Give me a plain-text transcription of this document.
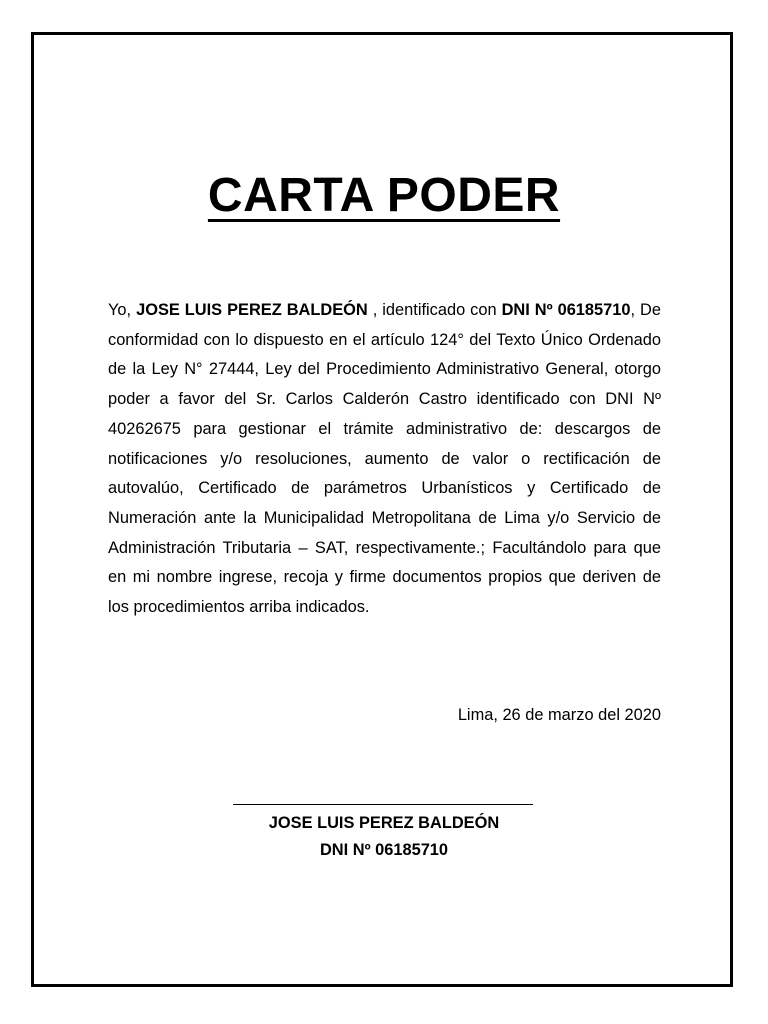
CARTA PODER

Yo, JOSE LUIS PEREZ BALDEÓN , identificado con DNI Nº 06185710, De conformidad con lo dispuesto en el artículo 124° del Texto Único Ordenado de la Ley N° 27444, Ley del Procedimiento Administrativo General, otorgo poder a favor del Sr. Carlos Calderón Castro identificado con DNI Nº 40262675 para gestionar el trámite administrativo de: descargos de notificaciones y/o resoluciones, aumento de valor o rectificación de autovalúo, Certificado de parámetros Urbanísticos y Certificado de Numeración ante la Municipalidad Metropolitana de Lima y/o Servicio de Administración Tributaria – SAT, respectivamente.; Facultándolo para que en mi nombre ingrese, recoja y firme documentos propios que deriven de los procedimientos arriba indicados.

Lima, 26 de marzo del 2020
JOSE LUIS PEREZ BALDEÓN
DNI Nº 06185710
